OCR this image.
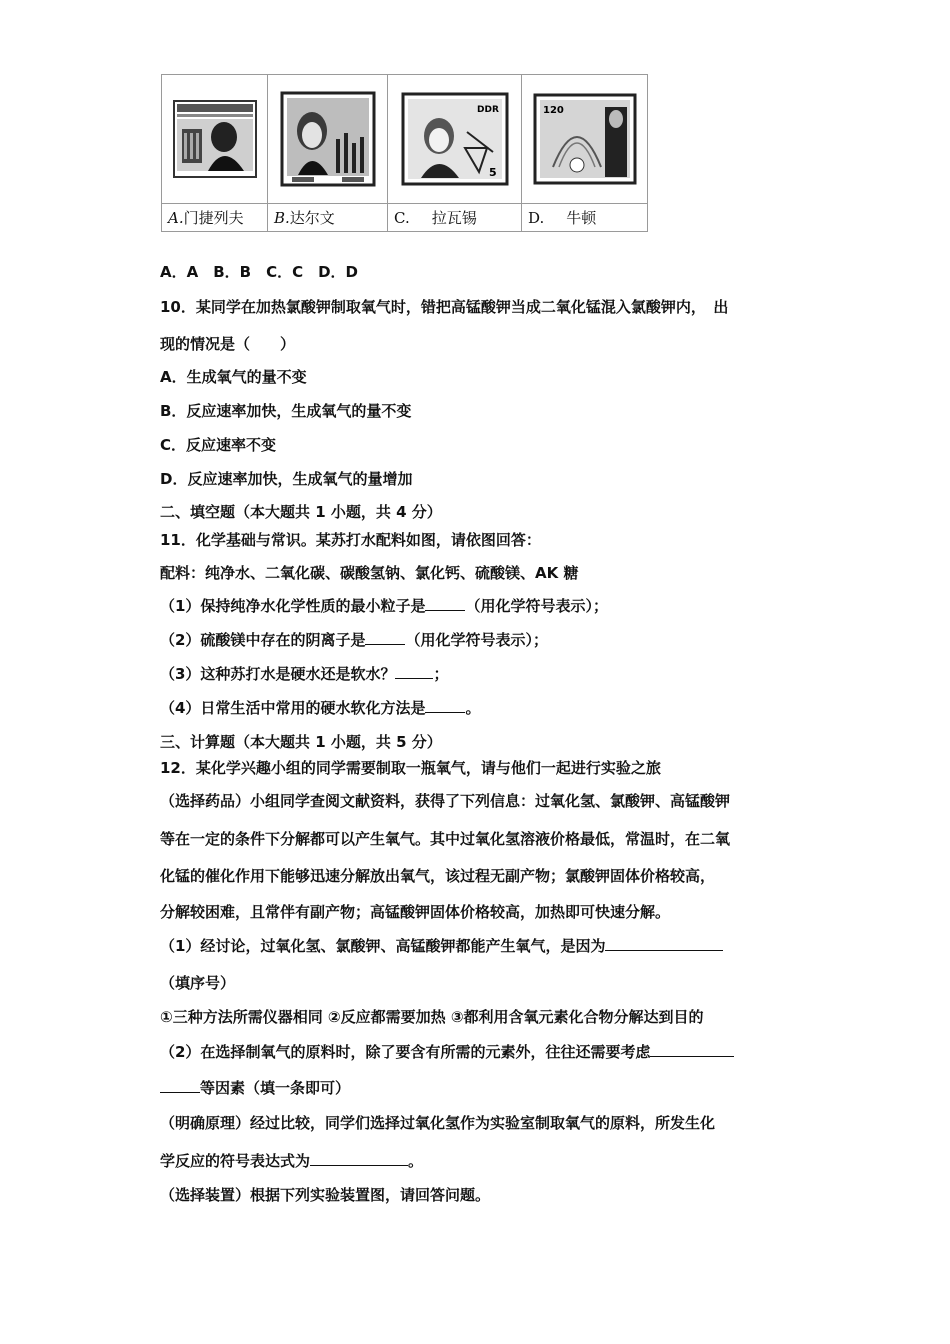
DDR
5	120

A.门捷列夫	B.达尔文	C. 拉瓦锡	D. 牛顿
A．A　B．B　C．C　D．D
10．某同学在加热氯酸钾制取氧气时，错把高锰酸钾当成二氧化锰混入氯酸钾内，　出
现的情况是（　　）
A．生成氧气的量不变
B．反应速率加快，生成氧气的量不变
C．反应速率不变
D．反应速率加快，生成氧气的量增加
二、填空题（本大题共 1 小题，共 4 分）
11．化学基础与常识。某苏打水配料如图，请依图回答：
配料：纯净水、二氧化碳、碳酸氢钠、氯化钙、硫酸镁、AK 糖
（1）保持纯净水化学性质的最小粒子是	（用化学符号表示）；
（2）硫酸镁中存在的阴离子是	（用化学符号表示）；
（3）这种苏打水是硬水还是软水？	；
（4）日常生活中常用的硬水软化方法是	。
三、计算题（本大题共 1 小题，共 5 分）
12．某化学兴趣小组的同学需要制取一瓶氧气，请与他们一起进行实验之旅
（选择药品）小组同学查阅文献资料，获得了下列信息：过氧化氢、氯酸钾、高锰酸钾
等在一定的条件下分解都可以产生氧气。其中过氧化氢溶液价格最低，常温时，在二氧
化锰的催化作用下能够迅速分解放出氧气，该过程无副产物；氯酸钾固体价格较高，
分解较困难，且常伴有副产物；高锰酸钾固体价格较高，加热即可快速分解。
（1）经讨论，过氧化氢、氯酸钾、高锰酸钾都能产生氧气，是因为
（填序号）
①三种方法所需仪器相同 ②反应都需要加热 ③都利用含氧元素化合物分解达到目的
（2）在选择制氧气的原料时，除了要含有所需的元素外，往往还需要考虑
等因素（填一条即可）
（明确原理）经过比较，同学们选择过氧化氢作为实验室制取氧气的原料，所发生化
学反应的符号表达式为	。
（选择装置）根据下列实验装置图，请回答问题。
